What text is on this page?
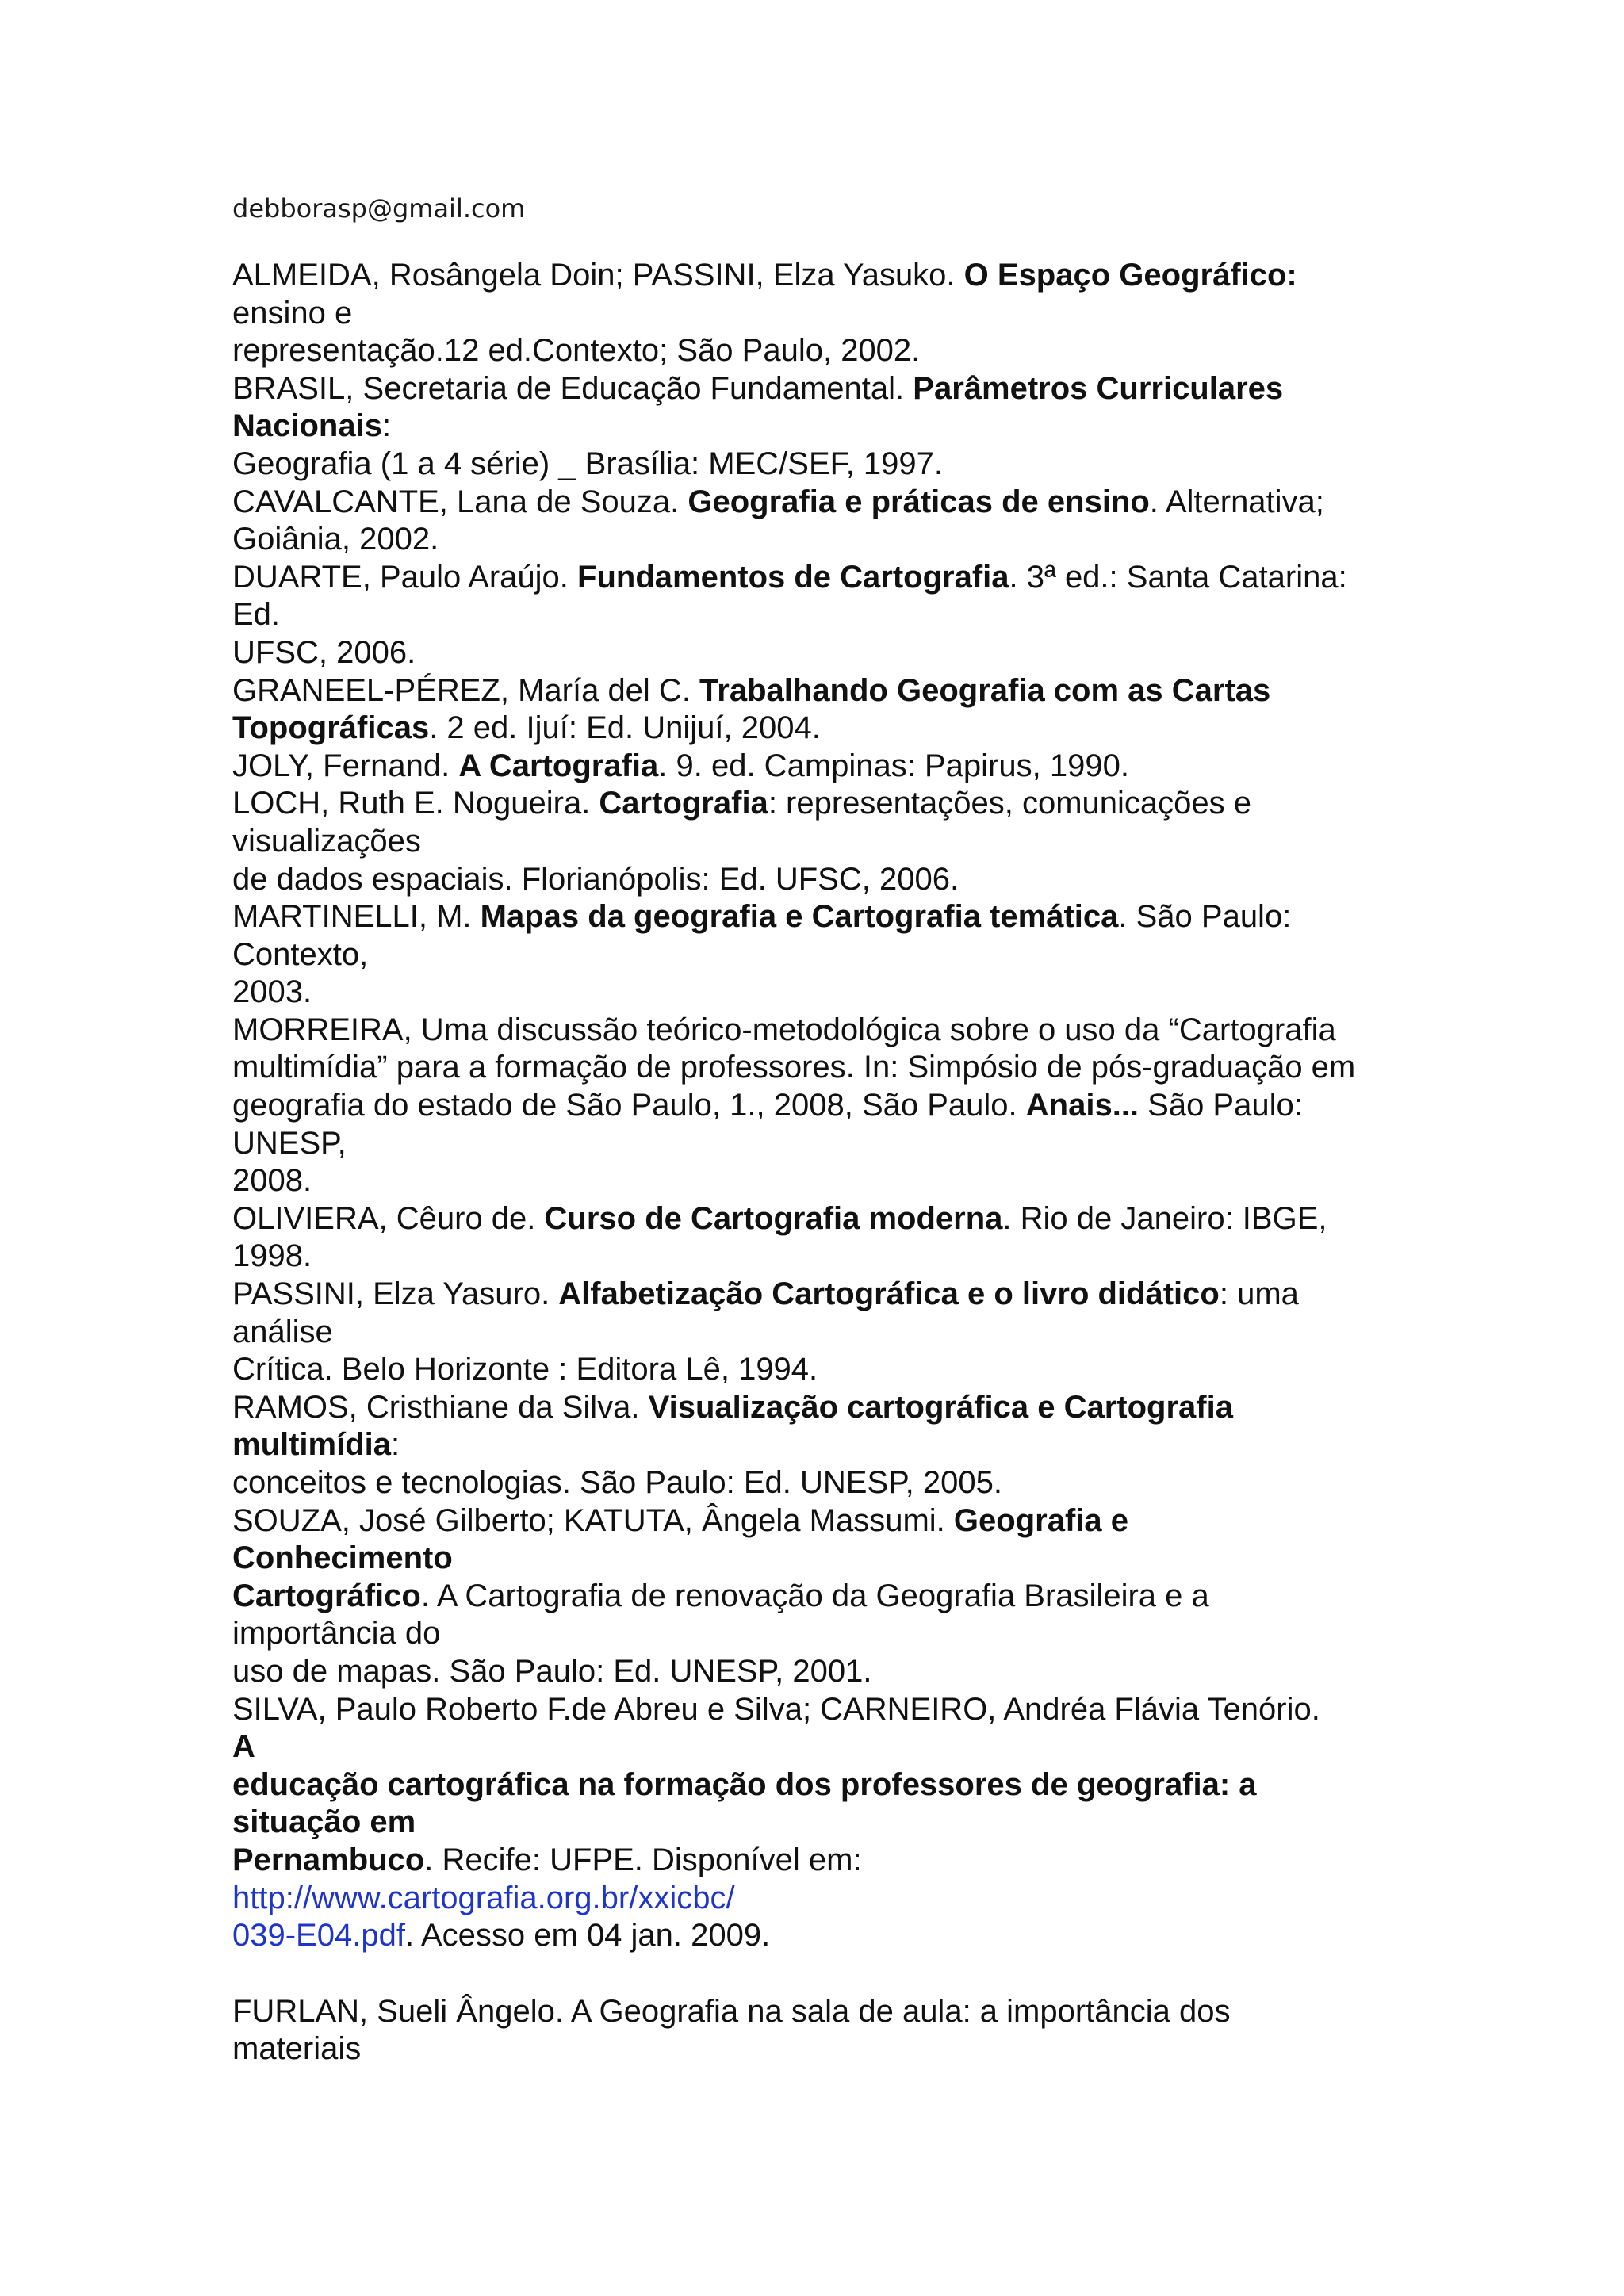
debborasp@gmail.com
ALMEIDA, Rosângela Doin; PASSINI, Elza Yasuko. O Espaço Geográfico:
ensino e
representação.12 ed.Contexto; São Paulo, 2002.
BRASIL, Secretaria de Educação Fundamental. Parâmetros Curriculares
Nacionais:
Geografia (1 a 4 série) _ Brasília: MEC/SEF, 1997.
CAVALCANTE, Lana de Souza. Geografia e práticas de ensino. Alternativa;
Goiânia, 2002.
DUARTE, Paulo Araújo. Fundamentos de Cartografia. 3ª ed.: Santa Catarina:
Ed.
UFSC, 2006.
GRANEEL-PÉREZ, María del C. Trabalhando Geografia com as Cartas
Topográficas. 2 ed. Ijuí: Ed. Unijuí, 2004.
JOLY, Fernand. A Cartografia. 9. ed. Campinas: Papirus, 1990.
LOCH, Ruth E. Nogueira. Cartografia: representações, comunicações e
visualizações
de dados espaciais. Florianópolis: Ed. UFSC, 2006.
MARTINELLI, M. Mapas da geografia e Cartografia temática. São Paulo:
Contexto,
2003.
MORREIRA, Uma discussão teórico-metodológica sobre o uso da “Cartografia
multimídia” para a formação de professores. In: Simpósio de pós-graduação em
geografia do estado de São Paulo, 1., 2008, São Paulo. Anais... São Paulo:
UNESP,
2008.
OLIVIERA, Cêuro de. Curso de Cartografia moderna. Rio de Janeiro: IBGE,
1998.
PASSINI, Elza Yasuro. Alfabetização Cartográfica e o livro didático: uma
análise
Crítica. Belo Horizonte : Editora Lê, 1994.
RAMOS, Cristhiane da Silva. Visualização cartográfica e Cartografia
multimídia:
conceitos e tecnologias. São Paulo: Ed. UNESP, 2005.
SOUZA, José Gilberto; KATUTA, Ângela Massumi. Geografia e
Conhecimento
Cartográfico. A Cartografia de renovação da Geografia Brasileira e a
importância do
uso de mapas. São Paulo: Ed. UNESP, 2001.
SILVA, Paulo Roberto F.de Abreu e Silva; CARNEIRO, Andréa Flávia Tenório.
A
educação cartográfica na formação dos professores de geografia: a
situação em
Pernambuco. Recife: UFPE. Disponível em:
http://www.cartografia.org.br/xxicbc/
039-E04.pdf. Acesso em 04 jan. 2009.
FURLAN, Sueli Ângelo. A Geografia na sala de aula: a importância dos
materiais
